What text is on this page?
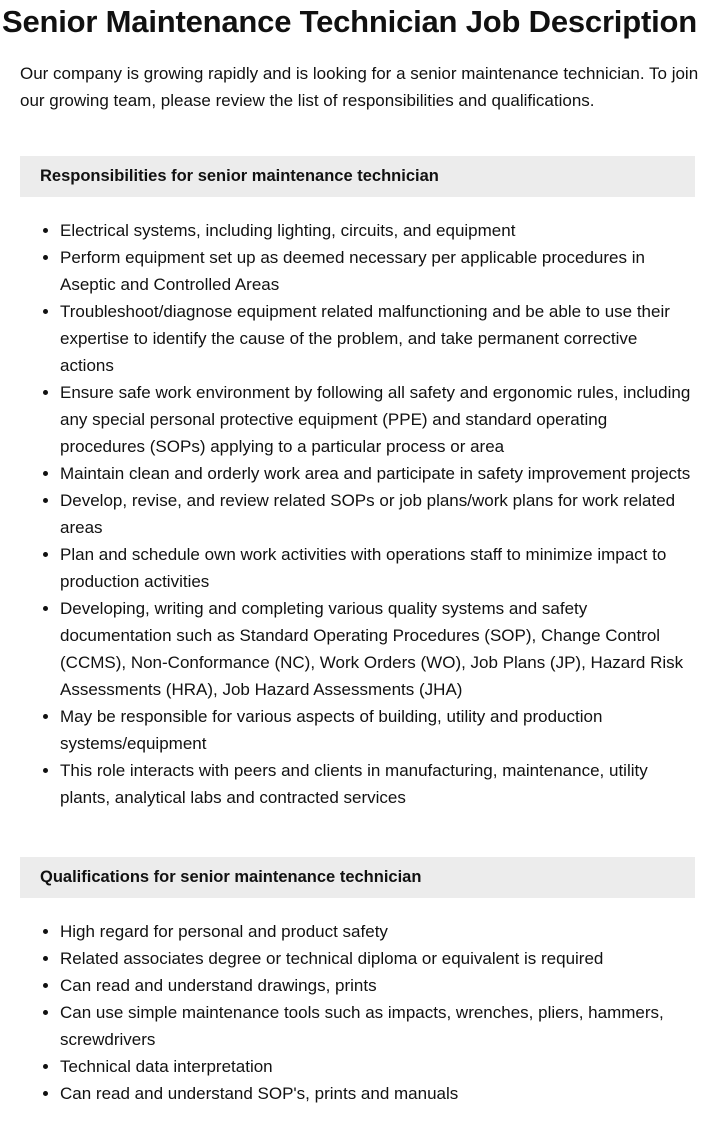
Senior Maintenance Technician Job Description

Our company is growing rapidly and is looking for a senior maintenance technician. To join our growing team, please review the list of responsibilities and qualifications.

Responsibilities for senior maintenance technician
• Electrical systems, including lighting, circuits, and equipment
• Perform equipment set up as deemed necessary per applicable procedures in Aseptic and Controlled Areas
• Troubleshoot/diagnose equipment related malfunctioning and be able to use their expertise to identify the cause of the problem, and take permanent corrective actions
• Ensure safe work environment by following all safety and ergonomic rules, including any special personal protective equipment (PPE) and standard operating procedures (SOPs) applying to a particular process or area
• Maintain clean and orderly work area and participate in safety improvement projects
• Develop, revise, and review related SOPs or job plans/work plans for work related areas
• Plan and schedule own work activities with operations staff to minimize impact to production activities
• Developing, writing and completing various quality systems and safety documentation such as Standard Operating Procedures (SOP), Change Control (CCMS), Non-Conformance (NC), Work Orders (WO), Job Plans (JP), Hazard Risk Assessments (HRA), Job Hazard Assessments (JHA)
• May be responsible for various aspects of building, utility and production systems/equipment
• This role interacts with peers and clients in manufacturing, maintenance, utility plants, analytical labs and contracted services
Qualifications for senior maintenance technician
• High regard for personal and product safety
• Related associates degree or technical diploma or equivalent is required
• Can read and understand drawings, prints
• Can use simple maintenance tools such as impacts, wrenches, pliers, hammers, screwdrivers
• Technical data interpretation
• Can read and understand SOP's, prints and manuals
